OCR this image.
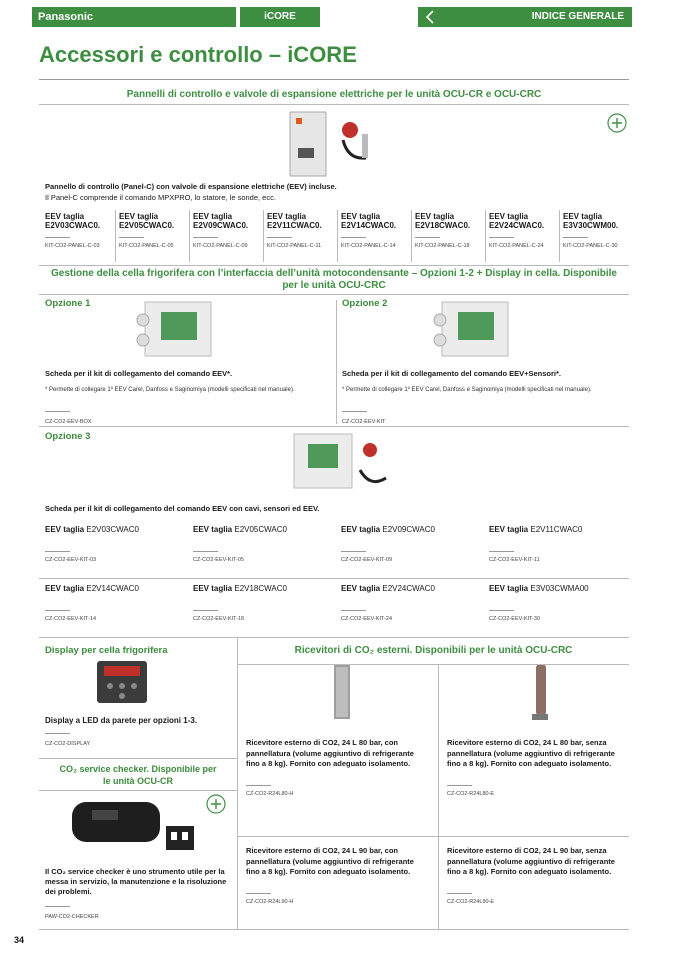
Panasonic	iCORE	INDICE GENERALE
Accessori e controllo – iCORE
Pannelli di controllo e valvole di espansione elettriche per le unità OCU-CR e OCU-CRC
Pannello di controllo (Panel-C) con valvole di espansione elettriche (EEV) incluse.
Il Panel-C comprende il comando MPXPRO, lo statore, le sonde, ecc.
EEV taglia
E2V03CWAC0.
————
KIT-CO2-PANEL-C-03
EEV taglia
E2V05CWAC0.
————
KIT-CO2-PANEL-C-05
EEV taglia
E2V09CWAC0.
————
KIT-CO2-PANEL-C-09
EEV taglia
E2V11CWAC0.
————
KIT-CO2-PANEL-C-11
EEV taglia
E2V14CWAC0.
————
KIT-CO2-PANEL-C-14
EEV taglia
E2V18CWAC0.
————
KIT-CO2-PANEL-C-18
EEV taglia
E2V24CWAC0.
————
KIT-CO2-PANEL-C-24
EEV taglia
E3V30CWM00.
————
KIT-CO2-PANEL-C-30
Gestione della cella frigorifera con l’interfaccia dell’unità motocondensante – Opzioni 1-2 + Display in cella. Disponibile
per le unità OCU-CRC
Opzione 1	Opzione 2
Scheda per il kit di collegamento del comando EEV*.
* Permette di collegare 1º EEV Carel, Danfoss e Saginomiya (modelli specificati nel manuale).
————
CZ-CO2-EEV-BOX
Scheda per il kit di collegamento del comando EEV+Sensori*.
* Permette di collegare 1º EEV Carel, Danfoss e Saginomiya (modelli specificati nel manuale).
————
CZ-CO2-EEV-KIT
Opzione 3
Scheda per il kit di collegamento del comando EEV con cavi, sensori ed EEV.
EEV taglia E2V03CWAC0
————
CZ-CO2-EEV-KIT-03
EEV taglia E2V05CWAC0
————
CZ-CO2-EEV-KIT-05
EEV taglia E2V09CWAC0
————
CZ-CO2-EEV-KIT-09
EEV taglia E2V11CWAC0
————
CZ-CO2-EEV-KIT-11
EEV taglia E2V14CWAC0
————
CZ-CO2-EEV-KIT-14
EEV taglia E2V18CWAC0
————
CZ-CO2-EEV-KIT-18
EEV taglia E2V24CWAC0
————
CZ-CO2-EEV-KIT-24
EEV taglia E3V03CWMA00
————
CZ-CO2-EEV-KIT-30
Display per cella frigorifera
Display a LED da parete per opzioni 1-3.
————
CZ-CO2-DISPLAY
CO₂ service checker. Disponibile per
le unità OCU-CR
Il CO₂ service checker è uno strumento utile per la messa in servizio, la manutenzione e la risoluzione dei problemi.
————
PAW-CO2-CHECKER
Ricevitori di CO₂ esterni. Disponibili per le unità OCU-CRC
Ricevitore esterno di CO2, 24 L 80 bar, con pannellatura (volume aggiuntivo di refrigerante fino a 8 kg). Fornito con adeguato isolamento.
————
CZ-CO2-R24L80-H
Ricevitore esterno di CO2, 24 L 80 bar, senza pannellatura (volume aggiuntivo di refrigerante fino a 8 kg). Fornito con adeguato isolamento.
————
CZ-CO2-R24L80-E
Ricevitore esterno di CO2, 24 L 90 bar, con pannellatura (volume aggiuntivo di refrigerante fino a 8 kg). Fornito con adeguato isolamento.
————
CZ-CO2-R24L90-H
Ricevitore esterno di CO2, 24 L 90 bar, senza pannellatura (volume aggiuntivo di refrigerante fino a 8 kg). Fornito con adeguato isolamento.
————
CZ-CO2-R24L90-E
34
